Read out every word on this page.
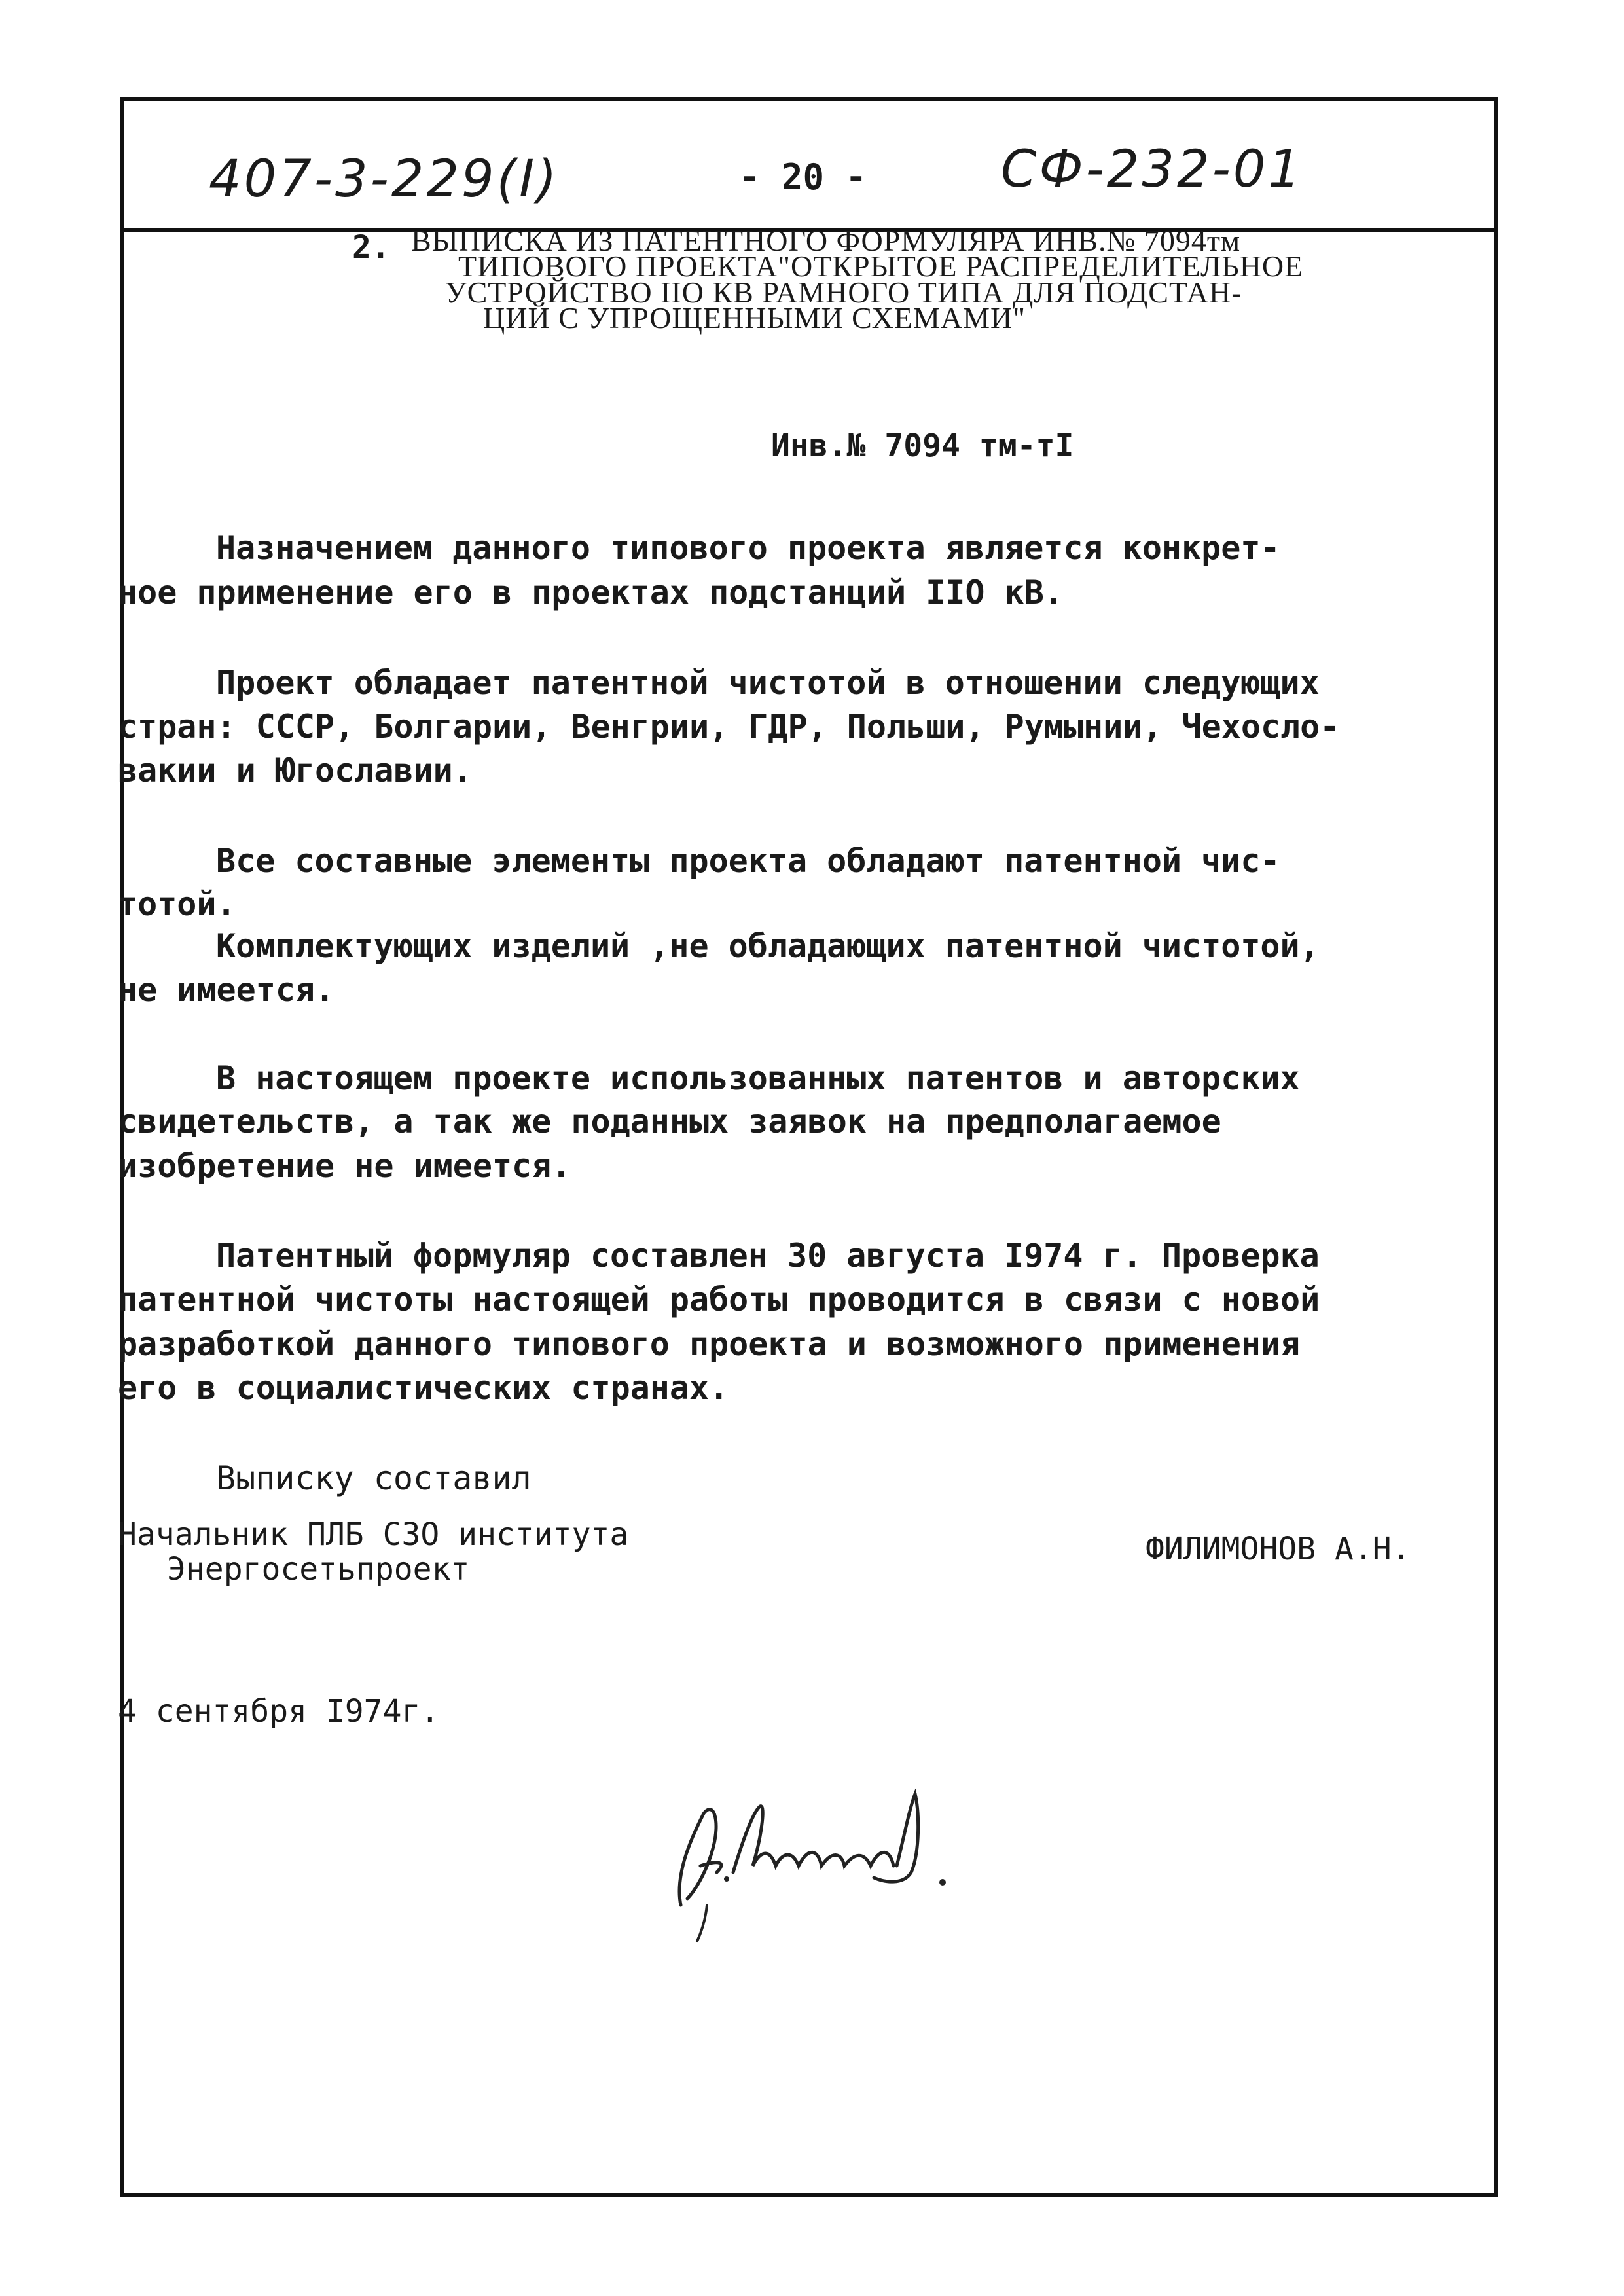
407-3-229(I)	- 20 -	СФ-232-01
2. ВЫПИСКА ИЗ ПАТЕНТНОГО ФОРМУЛЯРА ИНВ.№ 7094тм
ТИПОВОГО ПРОЕКТА"ОТКРЫТОЕ РАСПРЕДЕЛИТЕЛЬНОЕ
УСТРОЙСТВО IIO КВ РАМНОГО ТИПА ДЛЯ ПОДСТАН-
ЦИЙ С УПРОЩЕННЫМИ СХЕМАМИ"
Инв.№ 7094 тм-тI
Назначением данного типового проекта является конкрет-
ное применение его в проектах подстанций IIO кВ.
Проект обладает патентной чистотой в отношении следующих
стран: СССР, Болгарии, Венгрии, ГДР, Польши, Румынии, Чехосло-
вакии и Югославии.
Все составные элементы проекта обладают патентной чис-
тотой.
Комплектующих изделий ,не обладающих патентной чистотой,
не имеется.
В настоящем проекте использованных патентов и авторских
свидетельств, а так же поданных заявок на предполагаемое
изобретение не имеется.
Патентный формуляр составлен 30 августа I974 г. Проверка
патентной чистоты настоящей работы проводится в связи с новой
разработкой данного типового проекта и возможного применения
его в социалистических странах.
Выписку составил
Начальник ПЛБ СЗО института
Энергосетьпроект
ФИЛИМОНОВ А.Н.
4 сентября I974г.
